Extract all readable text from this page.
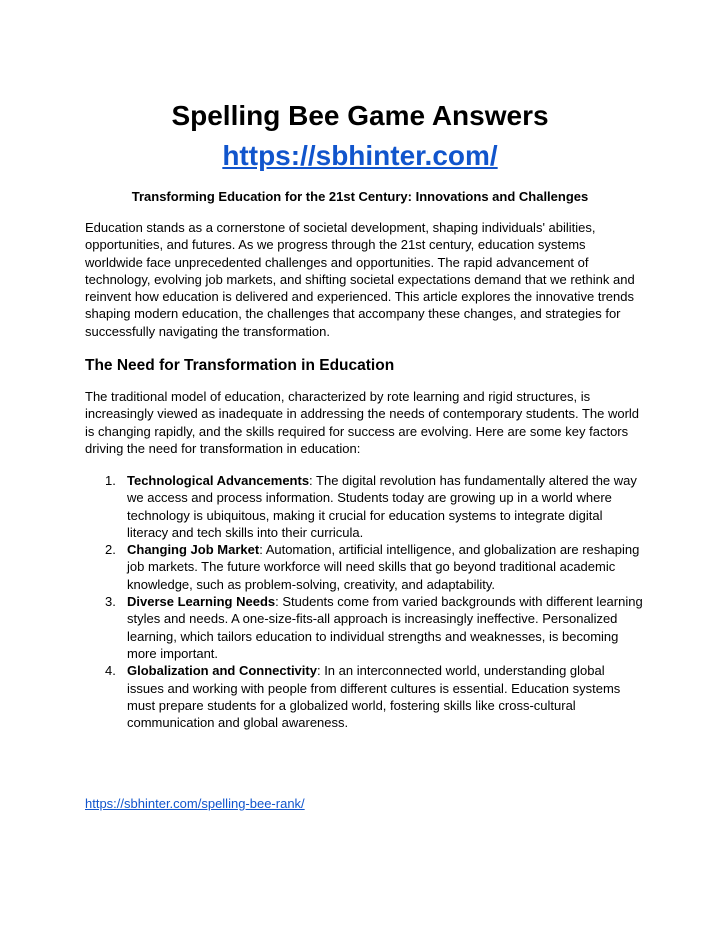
Spelling Bee Game Answers
https://sbhinter.com/

Transforming Education for the 21st Century: Innovations and Challenges

Education stands as a cornerstone of societal development, shaping individuals' abilities, opportunities, and futures. As we progress through the 21st century, education systems worldwide face unprecedented challenges and opportunities. The rapid advancement of technology, evolving job markets, and shifting societal expectations demand that we rethink and reinvent how education is delivered and experienced. This article explores the innovative trends shaping modern education, the challenges that accompany these changes, and strategies for successfully navigating the transformation.

The Need for Transformation in Education

The traditional model of education, characterized by rote learning and rigid structures, is increasingly viewed as inadequate in addressing the needs of contemporary students. The world is changing rapidly, and the skills required for success are evolving. Here are some key factors driving the need for transformation in education:

1. Technological Advancements: The digital revolution has fundamentally altered the way we access and process information. Students today are growing up in a world where technology is ubiquitous, making it crucial for education systems to integrate digital literacy and tech skills into their curricula.
2. Changing Job Market: Automation, artificial intelligence, and globalization are reshaping job markets. The future workforce will need skills that go beyond traditional academic knowledge, such as problem-solving, creativity, and adaptability.
3. Diverse Learning Needs: Students come from varied backgrounds with different learning styles and needs. A one-size-fits-all approach is increasingly ineffective. Personalized learning, which tailors education to individual strengths and weaknesses, is becoming more important.
4. Globalization and Connectivity: In an interconnected world, understanding global issues and working with people from different cultures is essential. Education systems must prepare students for a globalized world, fostering skills like cross-cultural communication and global awareness.
https://sbhinter.com/spelling-bee-rank/
